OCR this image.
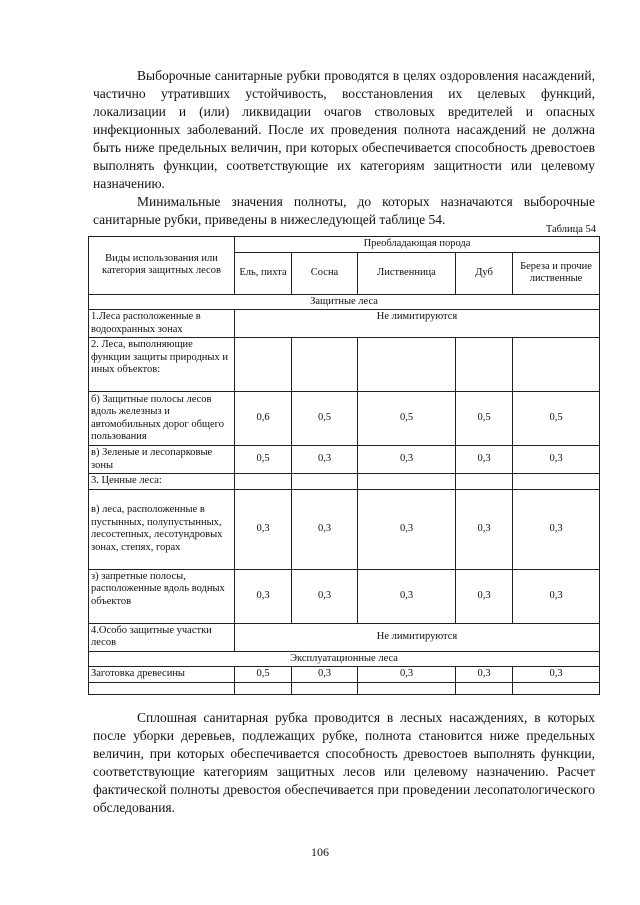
Выборочные санитарные рубки проводятся в целях оздоровления насаждений, частично утративших устойчивость, восстановления их целевых функций, локализации и (или) ликвидации очагов стволовых вредителей и опасных инфекционных заболеваний. После их проведения полнота насаждений не должна быть ниже предельных величин, при которых обеспечивается способность древостоев выполнять функции, соответствующие их категориям защитности или целевому назначению.

Минимальные значения полноты, до которых назначаются выборочные санитарные рубки, приведены в нижеследующей таблице 54.

Таблица 54
Виды использования или категория защитных лесов	Преобладающая порода				
	Ель, пихта	Сосна	Лиственница	Дуб	Береза и прочие лиственные
Защитные леса					
1.Леса расположенные в водоохранных зонах	Не лимитируются				
2. Леса, выполняющие функции защиты природных и иных объектов:					
б) Защитные полосы лесов вдоль железныз и автомобильных дорог общего пользования	0,6	0,5	0,5	0,5	0,5
в) Зеленые и лесопарковые зоны	0,5	0,3	0,3	0,3	0,3
3. Ценные леса:					
в) леса, расположенные в пустынных, полупустынных, лесостепных, лесотундровых зонах, степях, горах	0,3	0,3	0,3	0,3	0,3
з) запретные полосы, расположенные вдоль водных объектов	0,3	0,3	0,3	0,3	0,3
4.Особо защитные участки лесов	Не лимитируются				
Эксплуатационные леса					
Заготовка древесины	0,5	0,3	0,3	0,3	0,3

Сплошная санитарная рубка проводится в лесных насаждениях, в которых после уборки деревьев, подлежащих рубке, полнота становится ниже предельных величин, при которых обеспечивается способность древостоев выполнять функции, соответствующие категориям защитных лесов или целевому назначению. Расчет фактической полноты древостоя обеспечивается при проведении лесопатологического обследования.

106
